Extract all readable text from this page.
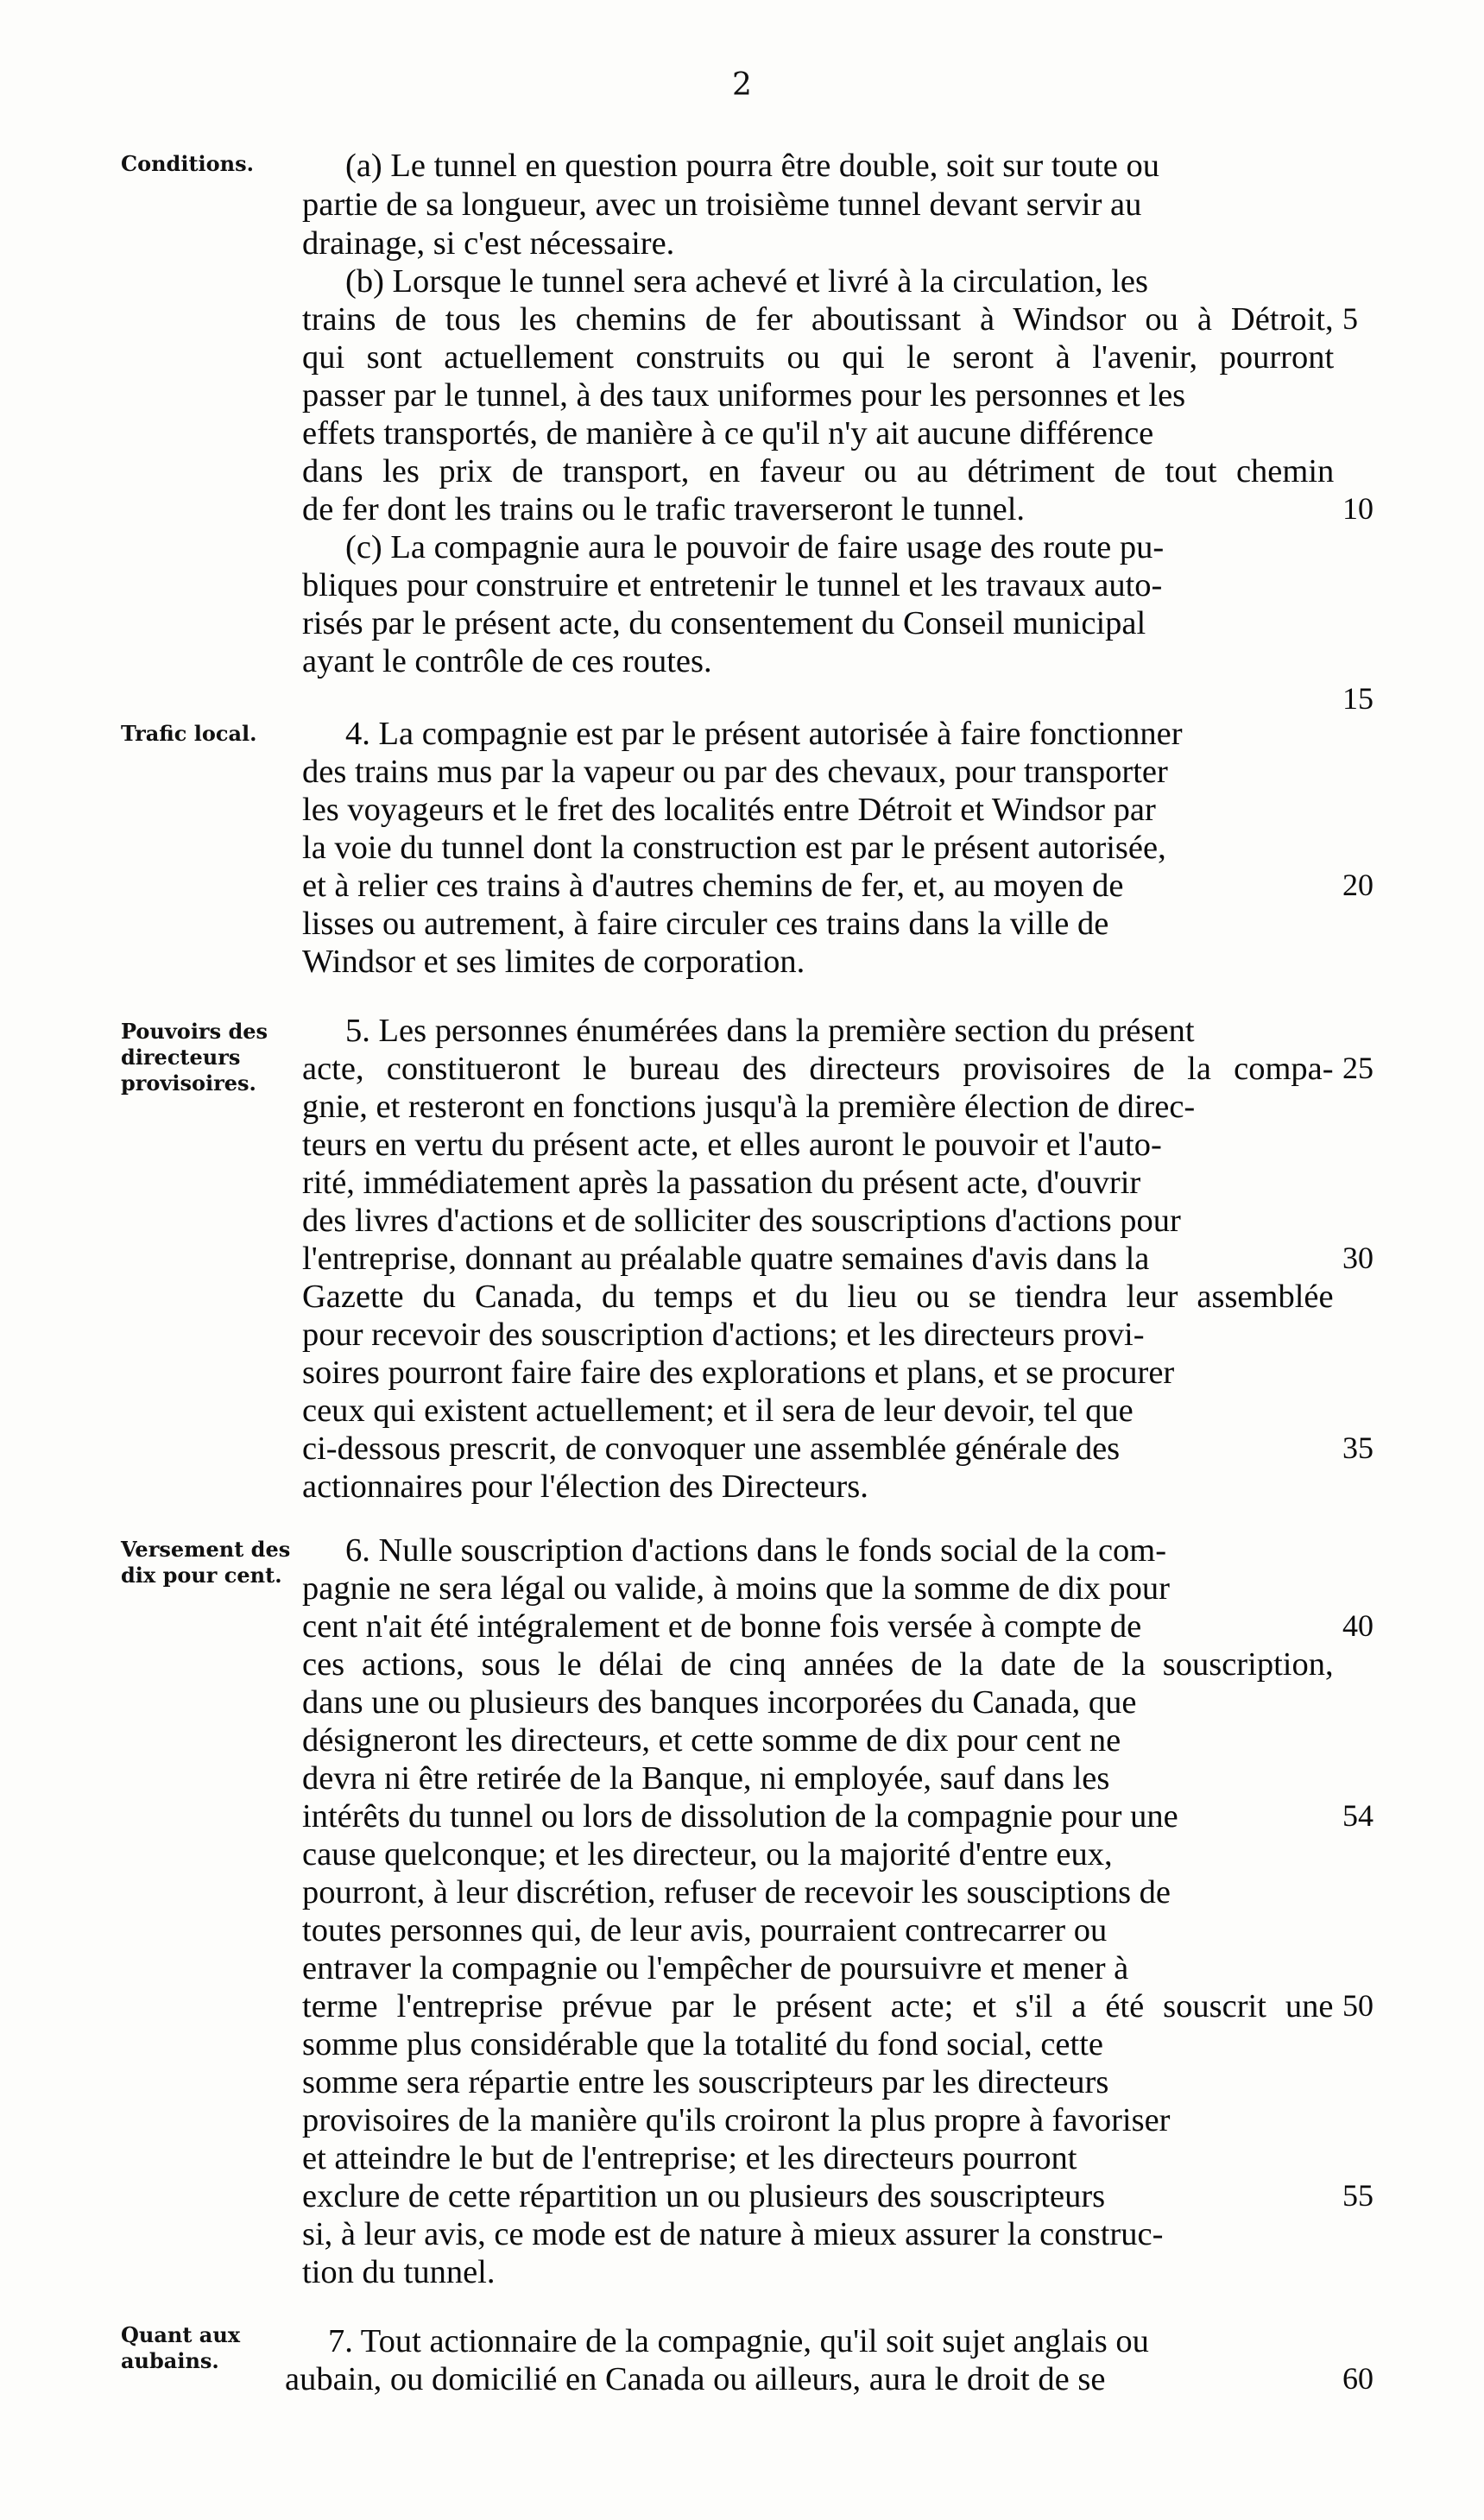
2
Conditions.	(a) Le tunnel en question pourra être double, soit sur toute ou
partie de sa longueur, avec un troisième tunnel devant servir au
drainage, si c'est nécessaire.
(b) Lorsque le tunnel sera achevé et livré à la circulation, les
trains de tous les chemins de fer aboutissant à Windsor ou à Détroit, 5
qui sont actuellement construits ou qui le seront à l'avenir, pourront
passer par le tunnel, à des taux uniformes pour les personnes et les
effets transportés, de manière à ce qu'il n'y ait aucune différence
dans les prix de transport, en faveur ou au détriment de tout chemin
de fer dont les trains ou le trafic traverseront le tunnel.	10
(c) La compagnie aura le pouvoir de faire usage des route pu-
bliques pour construire et entretenir le tunnel et les travaux auto-
risés par le présent acte, du consentement du Conseil municipal
ayant le contrôle de ces routes.
15
Trafic local.	4. La compagnie est par le présent autorisée à faire fonctionner
des trains mus par la vapeur ou par des chevaux, pour transporter
les voyageurs et le fret des localités entre Détroit et Windsor par
la voie du tunnel dont la construction est par le présent autorisée,
et à relier ces trains à d'autres chemins de fer, et, au moyen de	20
lisses ou autrement, à faire circuler ces trains dans la ville de
Windsor et ses limites de corporation.
Pouvoirs des directeurs provisoires.
5. Les personnes énumérées dans la première section du présent
acte, constitueront le bureau des directeurs provisoires de la compa- 25
gnie, et resteront en fonctions jusqu'à la première élection de direc-
teurs en vertu du présent acte, et elles auront le pouvoir et l'auto-
rité, immédiatement après la passation du présent acte, d'ouvrir
des livres d'actions et de solliciter des souscriptions d'actions pour
l'entreprise, donnant au préalable quatre semaines d'avis dans la	30
Gazette du Canada, du temps et du lieu ou se tiendra leur assemblée
pour recevoir des souscription d'actions; et les directeurs provi-
soires pourront faire faire des explorations et plans, et se procurer
ceux qui existent actuellement; et il sera de leur devoir, tel que
ci-dessous prescrit, de convoquer une assemblée générale des	35
actionnaires pour l'élection des Directeurs.
Versement des dix pour cent.
6. Nulle souscription d'actions dans le fonds social de la com-
pagnie ne sera légal ou valide, à moins que la somme de dix pour
cent n'ait été intégralement et de bonne fois versée à compte de	40
ces actions, sous le délai de cinq années de la date de la souscription,
dans une ou plusieurs des banques incorporées du Canada, que
désigneront les directeurs, et cette somme de dix pour cent ne
devra ni être retirée de la Banque, ni employée, sauf dans les
intérêts du tunnel ou lors de dissolution de la compagnie pour une	54
cause quelconque; et les directeur, ou la majorité d'entre eux,
pourront, à leur discrétion, refuser de recevoir les sousciptions de
toutes personnes qui, de leur avis, pourraient contrecarrer ou
entraver la compagnie ou l'empêcher de poursuivre et mener à
terme l'entreprise prévue par le présent acte; et s'il a été souscrit une 50
somme plus considérable que la totalité du fond social, cette
somme sera répartie entre les souscripteurs par les directeurs
provisoires de la manière qu'ils croiront la plus propre à favoriser
et atteindre le but de l'entreprise; et les directeurs pourront
exclure de cette répartition un ou plusieurs des souscripteurs	55
si, à leur avis, ce mode est de nature à mieux assurer la construc-
tion du tunnel.
Quant aux aubains.
7. Tout actionnaire de la compagnie, qu'il soit sujet anglais ou
aubain, ou domicilié en Canada ou ailleurs, aura le droit de se	60
